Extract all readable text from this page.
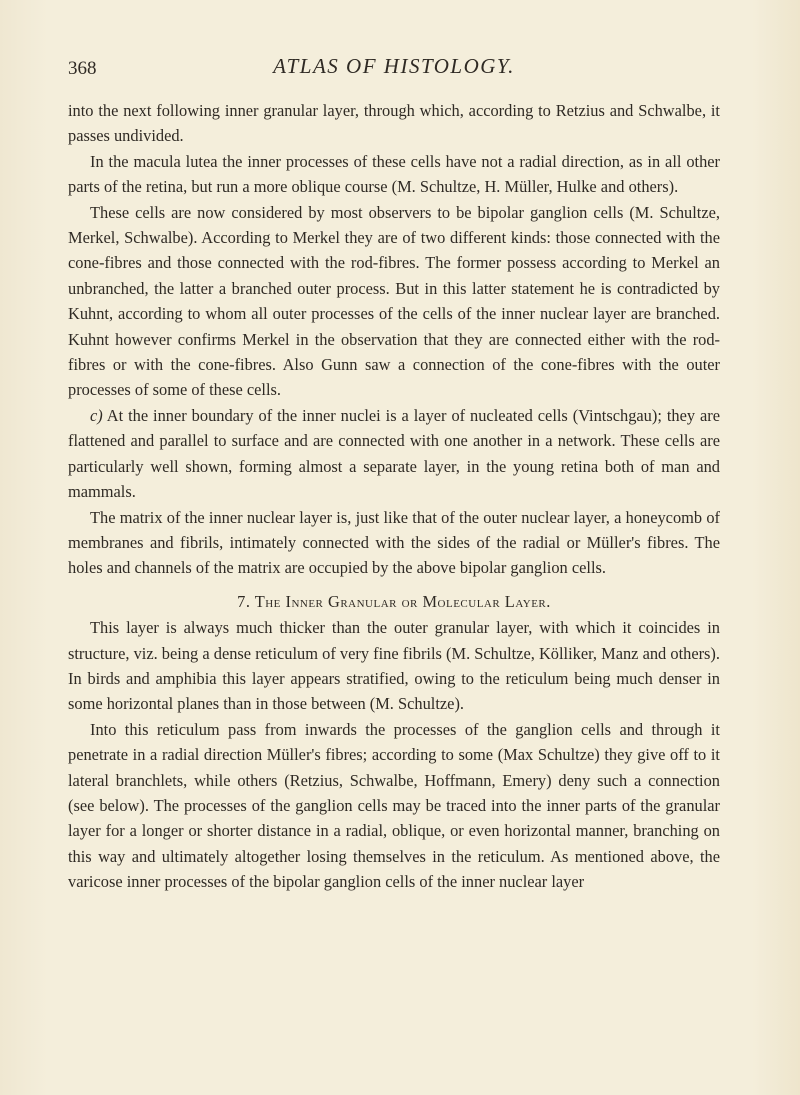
368	ATLAS OF HISTOLOGY.

into the next following inner granular layer, through which, according to Retzius and Schwalbe, it passes undivided.

In the macula lutea the inner processes of these cells have not a radial direction, as in all other parts of the retina, but run a more oblique course (M. Schultze, H. Müller, Hulke and others).

These cells are now considered by most observers to be bipolar ganglion cells (M. Schultze, Merkel, Schwalbe). According to Merkel they are of two different kinds: those connected with the cone-fibres and those connected with the rod-fibres. The former possess according to Merkel an unbranched, the latter a branched outer process. But in this latter statement he is contradicted by Kuhnt, according to whom all outer processes of the cells of the inner nuclear layer are branched. Kuhnt however confirms Merkel in the observation that they are connected either with the rod-fibres or with the cone-fibres. Also Gunn saw a connection of the cone-fibres with the outer processes of some of these cells.

c) At the inner boundary of the inner nuclei is a layer of nucleated cells (Vintschgau); they are flattened and parallel to surface and are connected with one another in a network. These cells are particularly well shown, forming almost a separate layer, in the young retina both of man and mammals.

The matrix of the inner nuclear layer is, just like that of the outer nuclear layer, a honeycomb of membranes and fibrils, intimately connected with the sides of the radial or Müller's fibres. The holes and channels of the matrix are occupied by the above bipolar ganglion cells.

7. The Inner Granular or Molecular Layer.

This layer is always much thicker than the outer granular layer, with which it coincides in structure, viz. being a dense reticulum of very fine fibrils (M. Schultze, Kölliker, Manz and others). In birds and amphibia this layer appears stratified, owing to the reticulum being much denser in some horizontal planes than in those between (M. Schultze).

Into this reticulum pass from inwards the processes of the ganglion cells and through it penetrate in a radial direction Müller's fibres; according to some (Max Schultze) they give off to it lateral branchlets, while others (Retzius, Schwalbe, Hoffmann, Emery) deny such a connection (see below). The processes of the ganglion cells may be traced into the inner parts of the granular layer for a longer or shorter distance in a radial, oblique, or even horizontal manner, branching on this way and ultimately altogether losing themselves in the reticulum. As mentioned above, the varicose inner processes of the bipolar ganglion cells of the inner nuclear layer
